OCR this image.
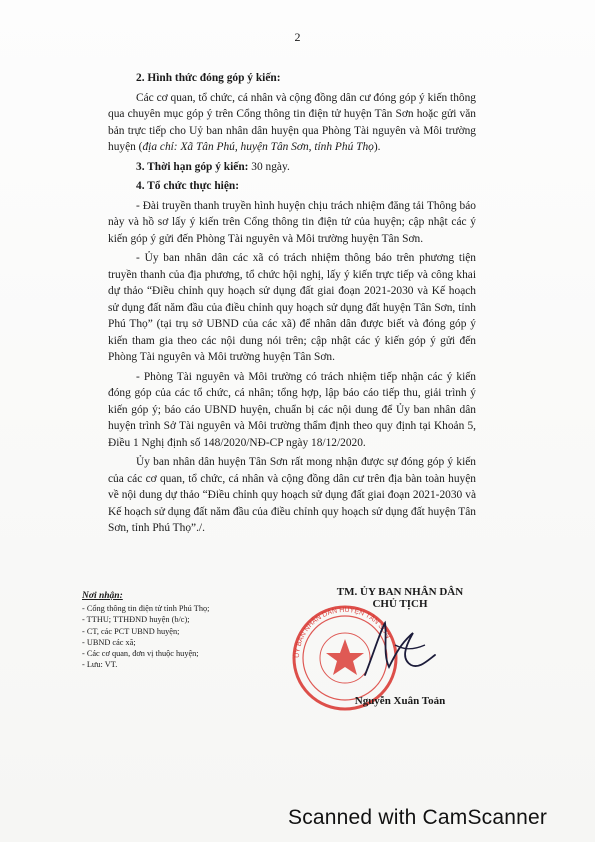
2

2. Hình thức đóng góp ý kiến:

Các cơ quan, tổ chức, cá nhân và cộng đồng dân cư đóng góp ý kiến thông qua chuyên mục góp ý trên Cổng thông tin điện tử huyện Tân Sơn hoặc gửi văn bản trực tiếp cho Uỷ ban nhân dân huyện qua Phòng Tài nguyên và Môi trường huyện (địa chỉ: Xã Tân Phú, huyện Tân Sơn, tỉnh Phú Thọ).

3. Thời hạn góp ý kiến: 30 ngày.

4. Tổ chức thực hiện:

- Đài truyền thanh truyền hình huyện chịu trách nhiệm đăng tải Thông báo này và hồ sơ lấy ý kiến trên Cổng thông tin điện tử của huyện; cập nhật các ý kiến góp ý gửi đến Phòng Tài nguyên và Môi trường huyện Tân Sơn.

- Ủy ban nhân dân các xã có trách nhiệm thông báo trên phương tiện truyền thanh của địa phương, tổ chức hội nghị, lấy ý kiến trực tiếp và công khai dự thảo “Điều chỉnh quy hoạch sử dụng đất giai đoạn 2021-2030 và Kế hoạch sử dụng đất năm đầu của điều chỉnh quy hoạch sử dụng đất huyện Tân Sơn, tỉnh Phú Thọ” (tại trụ sở UBND của các xã) để nhân dân được biết và đóng góp ý kiến tham gia theo các nội dung nói trên; cập nhật các ý kiến góp ý gửi đến Phòng Tài nguyên và Môi trường huyện Tân Sơn.

- Phòng Tài nguyên và Môi trường có trách nhiệm tiếp nhận các ý kiến đóng góp của các tổ chức, cá nhân; tổng hợp, lập báo cáo tiếp thu, giải trình ý kiến góp ý; báo cáo UBND huyện, chuẩn bị các nội dung để Ủy ban nhân dân huyện trình Sở Tài nguyên và Môi trường thẩm định theo quy định tại Khoản 5, Điều 1 Nghị định số 148/2020/NĐ-CP ngày 18/12/2020.

Ủy ban nhân dân huyện Tân Sơn rất mong nhận được sự đóng góp ý kiến của các cơ quan, tổ chức, cá nhân và cộng đồng dân cư trên địa bàn toàn huyện về nội dung dự thảo “Điều chỉnh quy hoạch sử dụng đất giai đoạn 2021-2030 và Kế hoạch sử dụng đất năm đầu của điều chỉnh quy hoạch sử dụng đất huyện Tân Sơn, tỉnh Phú Thọ”./.

Nơi nhận:
- Cổng thông tin điện tử tỉnh Phú Thọ;
- TTHU; TTHĐND huyện (b/c);
- CT, các PCT UBND huyện;
- UBND các xã;
- Các cơ quan, đơn vị thuộc huyện;
- Lưu: VT.
ỦY BAN NHÂN DÂN HUYỆN TÂN SƠN
TM. ỦY BAN NHÂN DÂN
CHỦ TỊCH
Nguyễn Xuân Toản
Scanned with CamScanner
